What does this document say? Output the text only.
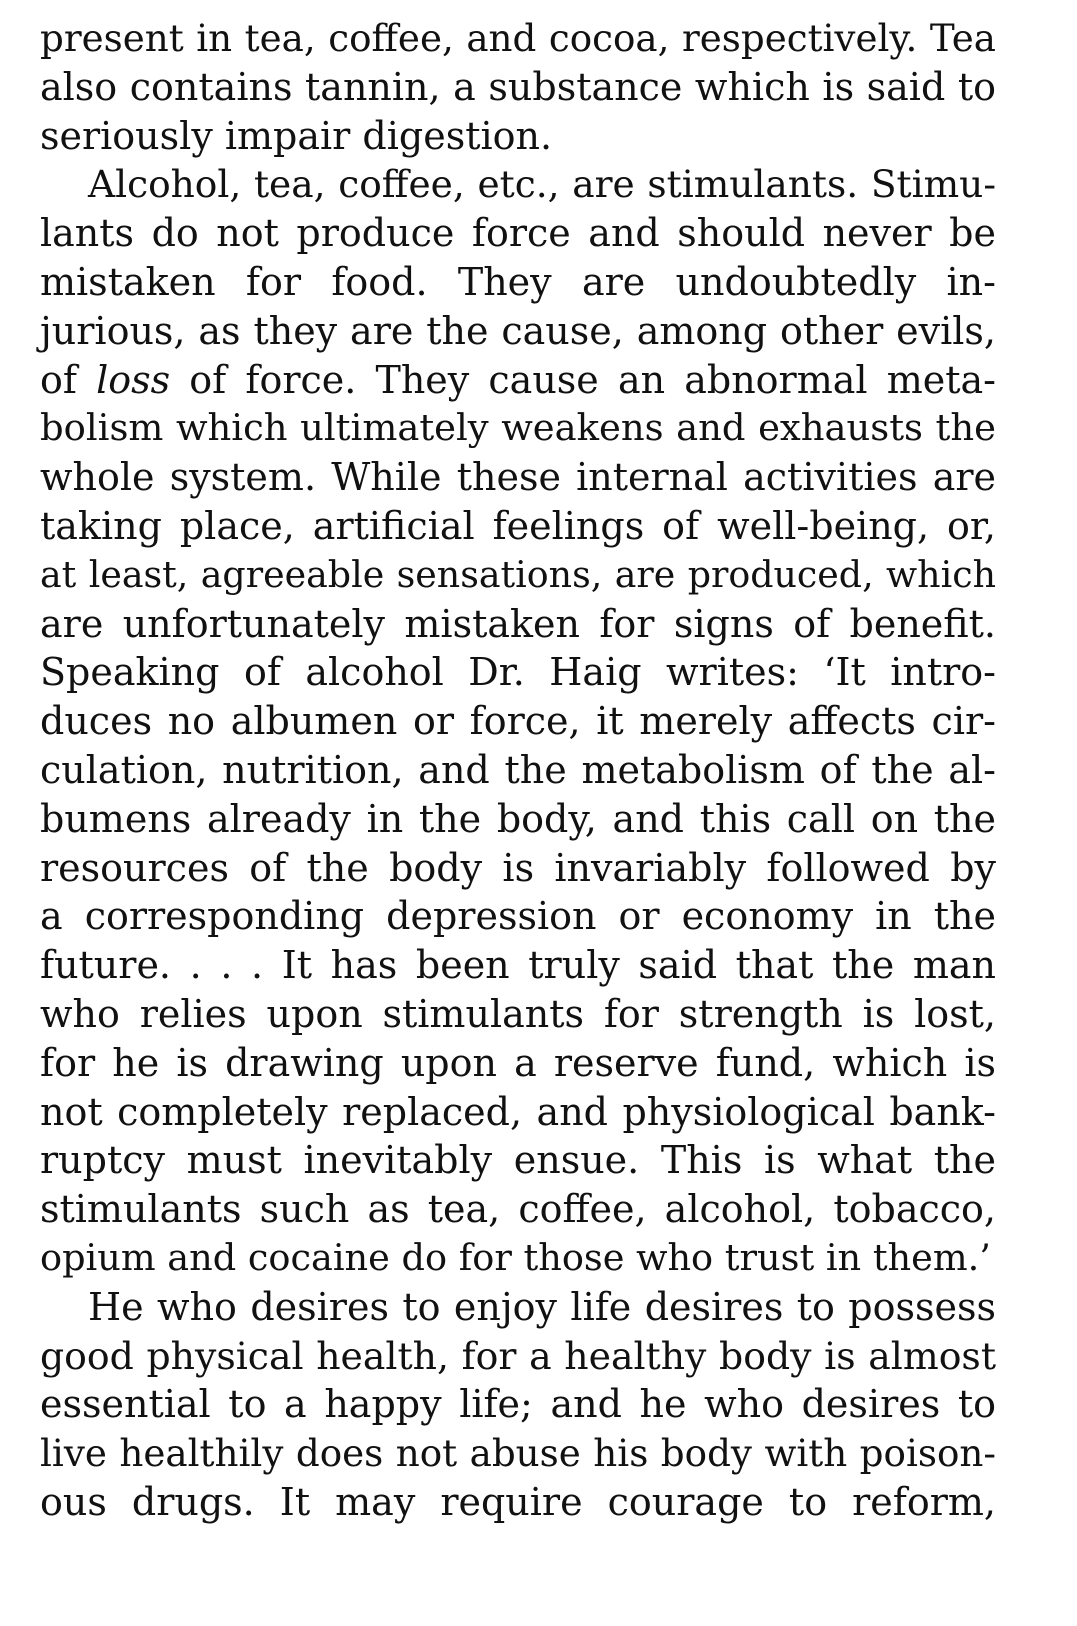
present in tea, coffee, and cocoa, respectively. Tea
also contains tannin, a substance which is said to
seriously impair digestion.
Alcohol, tea, coffee, etc., are stimulants. Stimu-
lants do not produce force and should never be
mistaken for food. They are undoubtedly in-
jurious, as they are the cause, among other evils,
of loss of force. They cause an abnormal meta-
bolism which ultimately weakens and exhausts the
whole system. While these internal activities are
taking place, artificial feelings of well-being, or,
at least, agreeable sensations, are produced, which
are unfortunately mistaken for signs of benefit.
Speaking of alcohol Dr. Haig writes: ‘It intro-
duces no albumen or force, it merely affects cir-
culation, nutrition, and the metabolism of the al-
bumens already in the body, and this call on the
resources of the body is invariably followed by
a corresponding depression or economy in the
future. . . . It has been truly said that the man
who relies upon stimulants for strength is lost,
for he is drawing upon a reserve fund, which is
not completely replaced, and physiological bank-
ruptcy must inevitably ensue. This is what the
stimulants such as tea, coffee, alcohol, tobacco,
opium and cocaine do for those who trust in them.’
He who desires to enjoy life desires to possess
good physical health, for a healthy body is almost
essential to a happy life; and he who desires to
live healthily does not abuse his body with poison-
ous drugs. It may require courage to reform,
